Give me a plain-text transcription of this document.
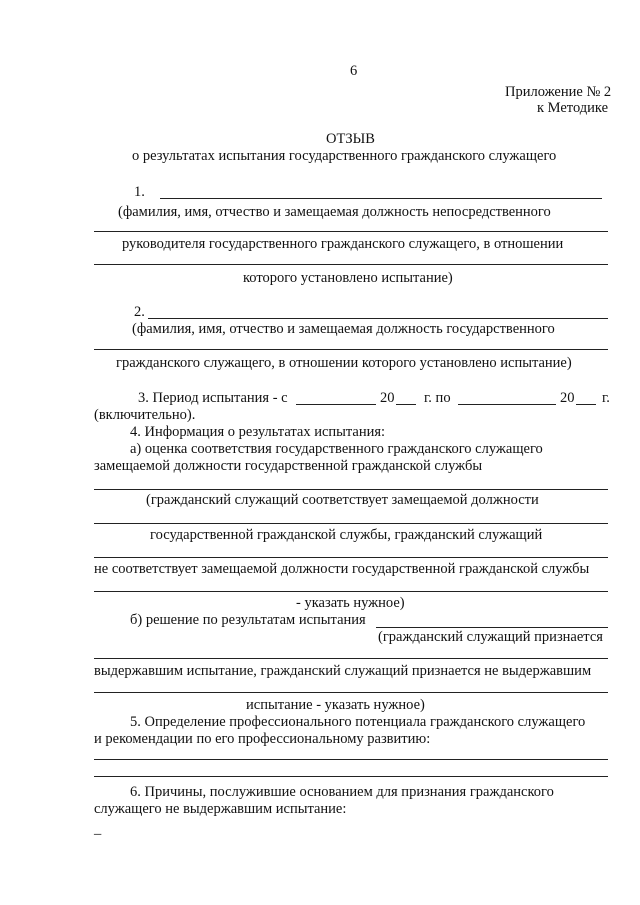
6
Приложение № 2
к Методике
ОТЗЫВ
о результатах испытания государственного гражданского служащего
1.
(фамилия, имя, отчество и замещаемая должность непосредственного
руководителя государственного гражданского служащего, в отношении
которого установлено испытание)
2.
(фамилия, имя, отчество и замещаемая должность государственного
гражданского служащего, в отношении которого установлено испытание)
3. Период испытания - с	20 г. по	20 г.
(включительно).
4. Информация о результатах испытания:
а) оценка соответствия государственного гражданского служащего
замещаемой должности государственной гражданской службы
(гражданский служащий соответствует замещаемой должности
государственной гражданской службы, гражданский служащий
не соответствует замещаемой должности государственной гражданской службы
- указать нужное)
б) решение по результатам испытания
(гражданский служащий признается
выдержавшим испытание, гражданский служащий признается не выдержавшим
испытание - указать нужное)
5. Определение профессионального потенциала гражданского служащего
и рекомендации по его профессиональному развитию:
6. Причины, послужившие основанием для признания гражданского
служащего не выдержавшим испытание:
–
